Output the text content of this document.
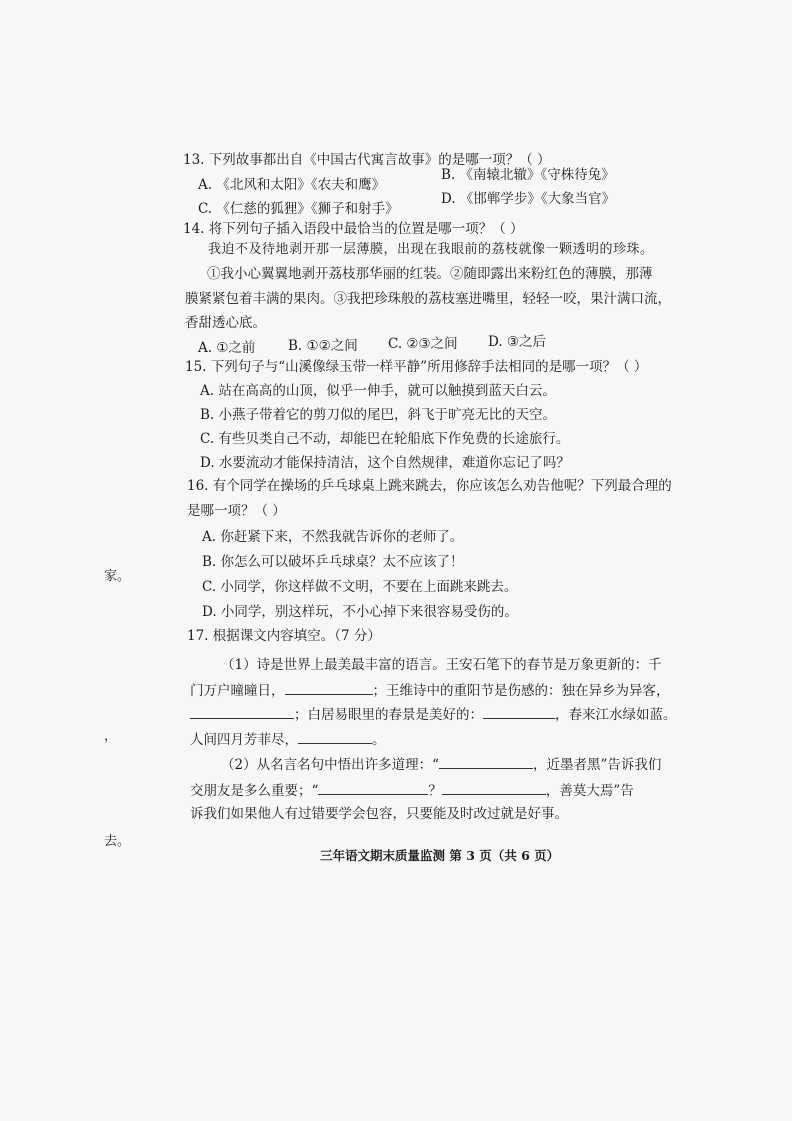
13. 下列故事都出自《中国古代寓言故事》的是哪一项？（ ）
A. 《北风和太阳》《农夫和鹰》
B. 《南辕北辙》《守株待兔》
C. 《仁慈的狐狸》《狮子和射手》
D. 《邯郸学步》《大象当官》
14. 将下列句子插入语段中最恰当的位置是哪一项？（ ）
我迫不及待地剥开那一层薄膜，出现在我眼前的荔枝就像一颗透明的珍珠。
①我小心翼翼地剥开荔枝那华丽的红装。②随即露出来粉红色的薄膜，那薄
膜紧紧包着丰满的果肉。③我把珍珠般的荔枝塞进嘴里，轻轻一咬，果汁满口流，
香甜透心底。
A. ①之前 B. ①②之间 C. ②③之间 D. ③之后
15. 下列句子与“山溪像绿玉带一样平静”所用修辞手法相同的是哪一项？（ ）
A. 站在高高的山顶，似乎一伸手，就可以触摸到蓝天白云。
B. 小燕子带着它的剪刀似的尾巴，斜飞于旷亮无比的天空。
C. 有些贝类自己不动，却能巴在轮船底下作免费的长途旅行。
D. 水要流动才能保持清洁，这个自然规律，难道你忘记了吗？
16. 有个同学在操场的乒乓球桌上跳来跳去，你应该怎么劝告他呢？下列最合理的
是哪一项？（ ）
A. 你赶紧下来，不然我就告诉你的老师了。
B. 你怎么可以破坏乒乓球桌？太不应该了！
C. 小同学，你这样做不文明，不要在上面跳来跳去。
D. 小同学，别这样玩，不小心掉下来很容易受伤的。
17. 根据课文内容填空。（7 分）
（1）诗是世界上最美最丰富的语言。王安石笔下的春节是万象更新的：千
门万户曈曈日，	；王维诗中的重阳节是伤感的：独在异乡为异客，
；白居易眼里的春景是美好的：	，春来江水绿如蓝。
人间四月芳菲尽，	。
（2）从名言名句中悟出许多道理：“	，近墨者黑”告诉我们
交朋友是多么重要；“	？	，善莫大焉”告
诉我们如果他人有过错要学会包容，只要能及时改过就是好事。
家。
，
去。
三年语文期末质量监测 第 3 页（共 6 页）
